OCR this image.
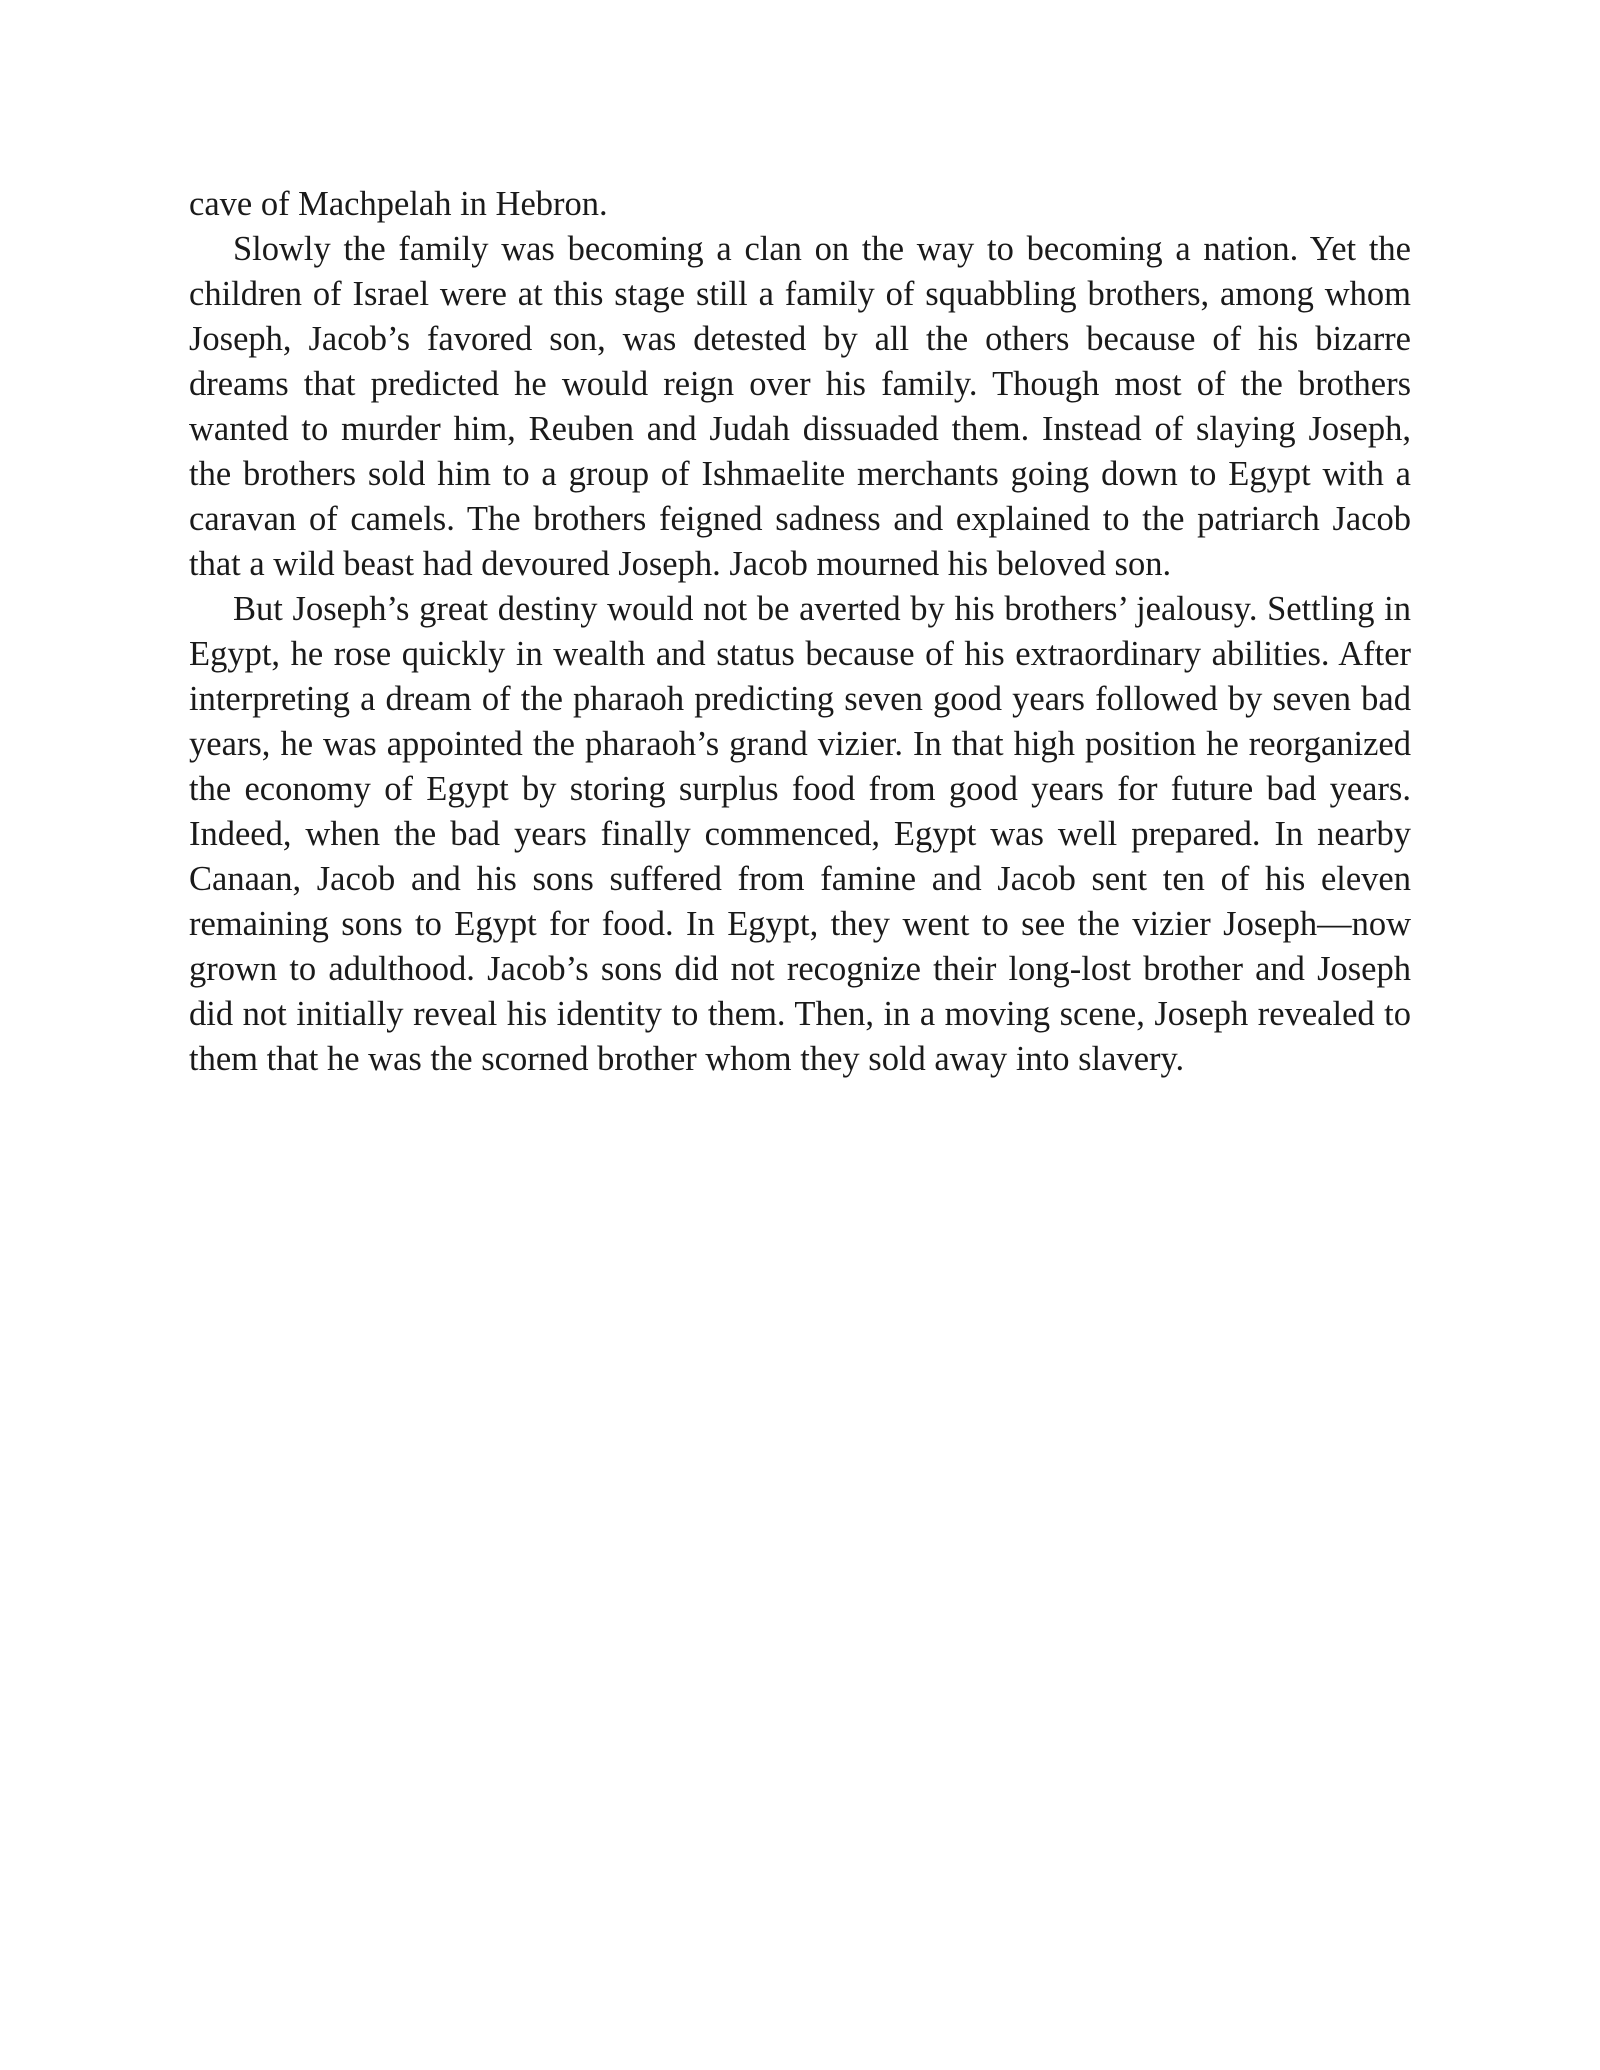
cave of Machpelah in Hebron.

Slowly the family was becoming a clan on the way to becoming a nation. Yet the children of Israel were at this stage still a family of squabbling brothers, among whom Joseph, Jacob’s favored son, was detested by all the others because of his bizarre dreams that predicted he would reign over his family. Though most of the brothers wanted to murder him, Reuben and Judah dissuaded them. Instead of slaying Joseph, the brothers sold him to a group of Ishmaelite merchants going down to Egypt with a caravan of camels. The brothers feigned sadness and explained to the patriarch Jacob that a wild beast had devoured Joseph. Jacob mourned his beloved son.

But Joseph’s great destiny would not be averted by his brothers’ jealousy. Settling in Egypt, he rose quickly in wealth and status because of his extraordinary abilities. After interpreting a dream of the pharaoh predicting seven good years followed by seven bad years, he was appointed the pharaoh’s grand vizier. In that high position he reorganized the economy of Egypt by storing surplus food from good years for future bad years. Indeed, when the bad years finally commenced, Egypt was well prepared. In nearby Canaan, Jacob and his sons suffered from famine and Jacob sent ten of his eleven remaining sons to Egypt for food. In Egypt, they went to see the vizier Joseph—now grown to adulthood. Jacob’s sons did not recognize their long-lost brother and Joseph did not initially reveal his identity to them. Then, in a moving scene, Joseph revealed to them that he was the scorned brother whom they sold away into slavery.
